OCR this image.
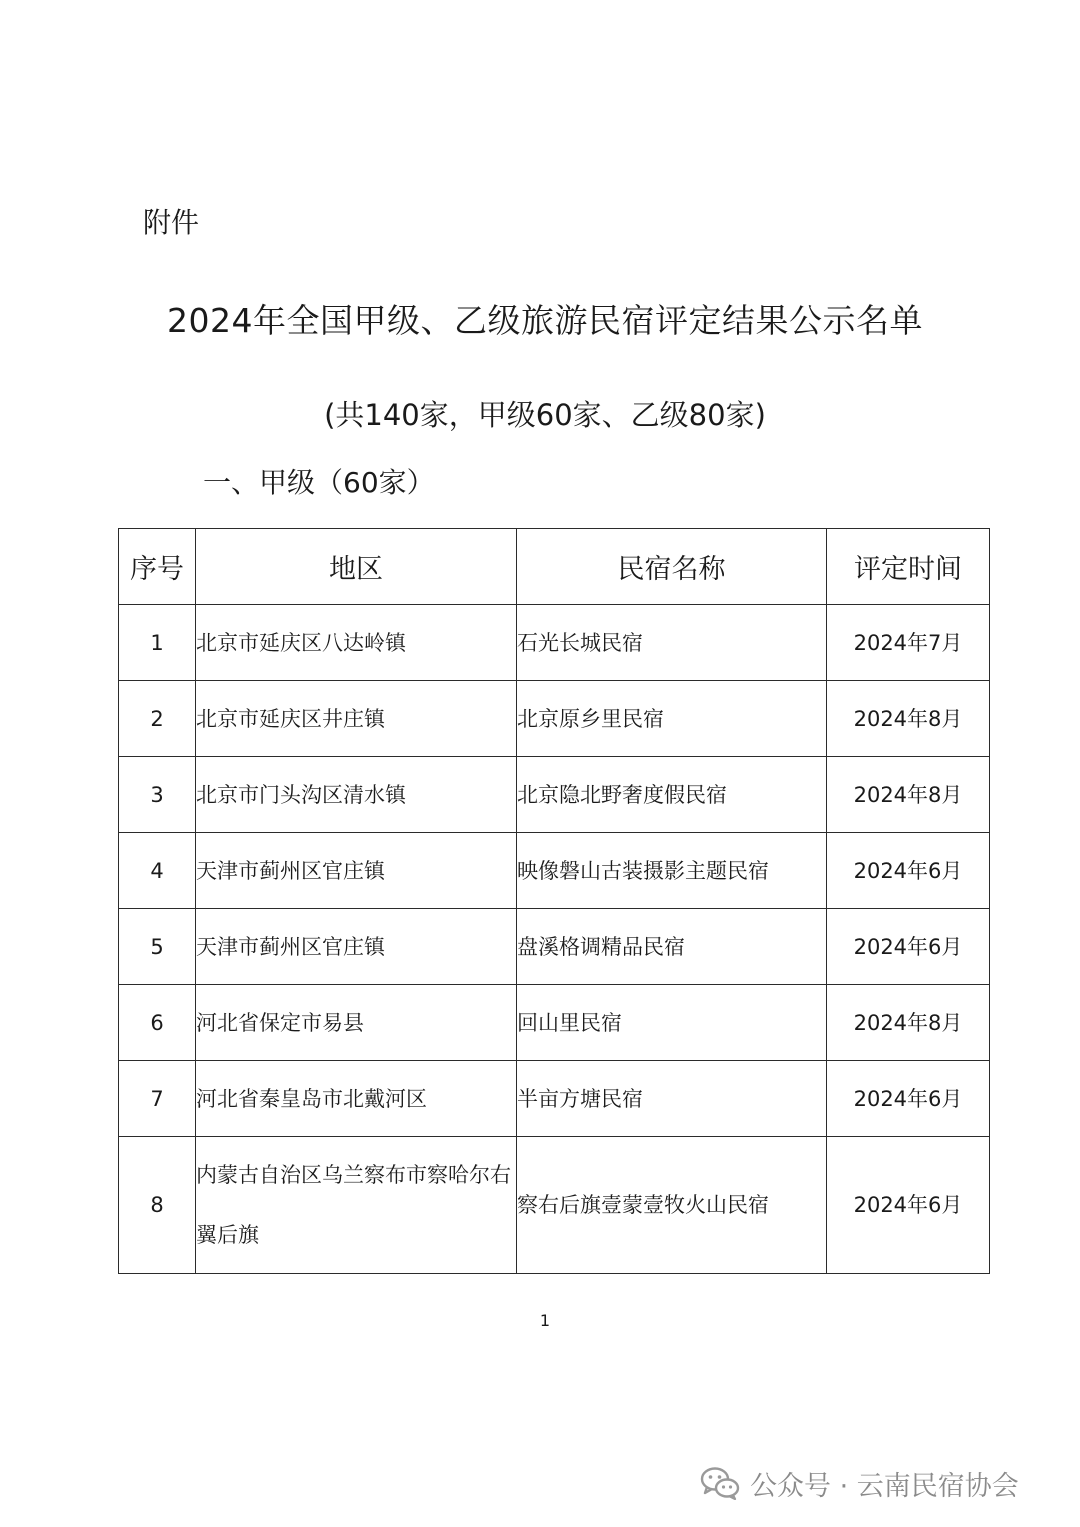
附件
2024年全国甲级、乙级旅游民宿评定结果公示名单
(共140家，甲级60家、乙级80家)
一、甲级（60家）
序号	地区	民宿名称	评定时间
1	北京市延庆区八达岭镇	石光长城民宿	2024年7月
2	北京市延庆区井庄镇	北京原乡里民宿	2024年8月
3	北京市门头沟区清水镇	北京隐北野奢度假民宿	2024年8月
4	天津市蓟州区官庄镇	映像磐山古装摄影主题民宿	2024年6月
5	天津市蓟州区官庄镇	盘溪格调精品民宿	2024年6月
6	河北省保定市易县	回山里民宿	2024年8月
7	河北省秦皇岛市北戴河区	半亩方塘民宿	2024年6月
8	内蒙古自治区乌兰察布市察哈尔右翼后旗	察右后旗壹蒙壹牧火山民宿	2024年6月
1
公众号 · 云南民宿协会
